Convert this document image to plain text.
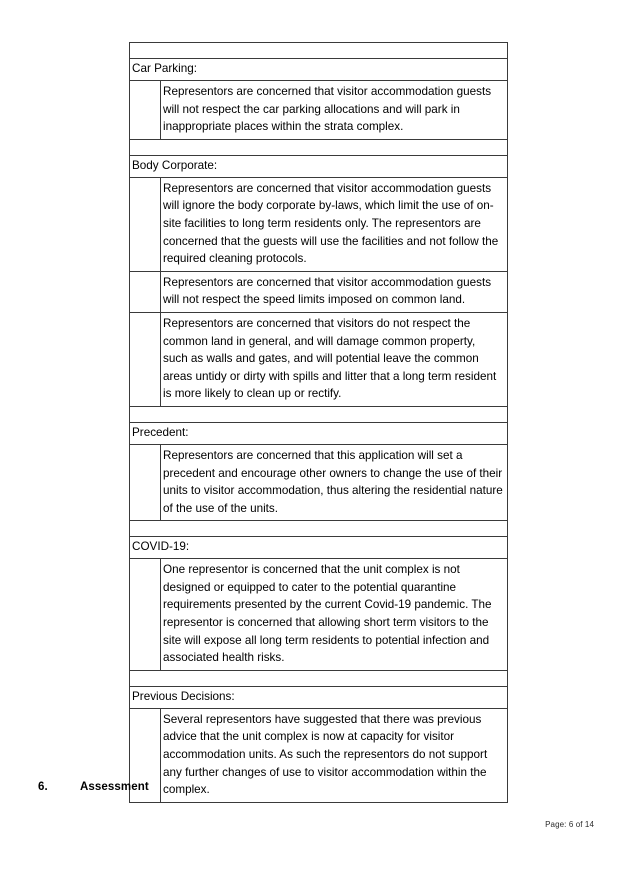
Car Parking:	

	Representors are concerned that visitor accommodation guests will not respect the car parking allocations and will park in inappropriate places within the strata complex.

Body Corporate:	

	Representors are concerned that visitor accommodation guests will ignore the body corporate by-laws, which limit the use of on-site facilities to long term residents only. The representors are concerned that the guests will use the facilities and not follow the required cleaning protocols.

	Representors are concerned that visitor accommodation guests will not respect the speed limits imposed on common land.

	Representors are concerned that visitors do not respect the common land in general, and will damage common property, such as walls and gates, and will potential leave the common areas untidy or dirty with spills and litter that a long term resident is more likely to clean up or rectify.

Precedent:	

	Representors are concerned that this application will set a precedent and encourage other owners to change the use of their units to visitor accommodation, thus altering the residential nature of the use of the units.

COVID-19:	

	One representor is concerned that the unit complex is not designed or equipped to cater to the potential quarantine requirements presented by the current Covid-19 pandemic. The representor is concerned that allowing short term visitors to the site will expose all long term residents to potential infection and associated health risks.

Previous Decisions:	

	Several representors have suggested that there was previous advice that the unit complex is now at capacity for visitor accommodation units. As such the representors do not support any further changes of use to visitor accommodation within the complex.
6.	Assessment
Page: 6 of 14
